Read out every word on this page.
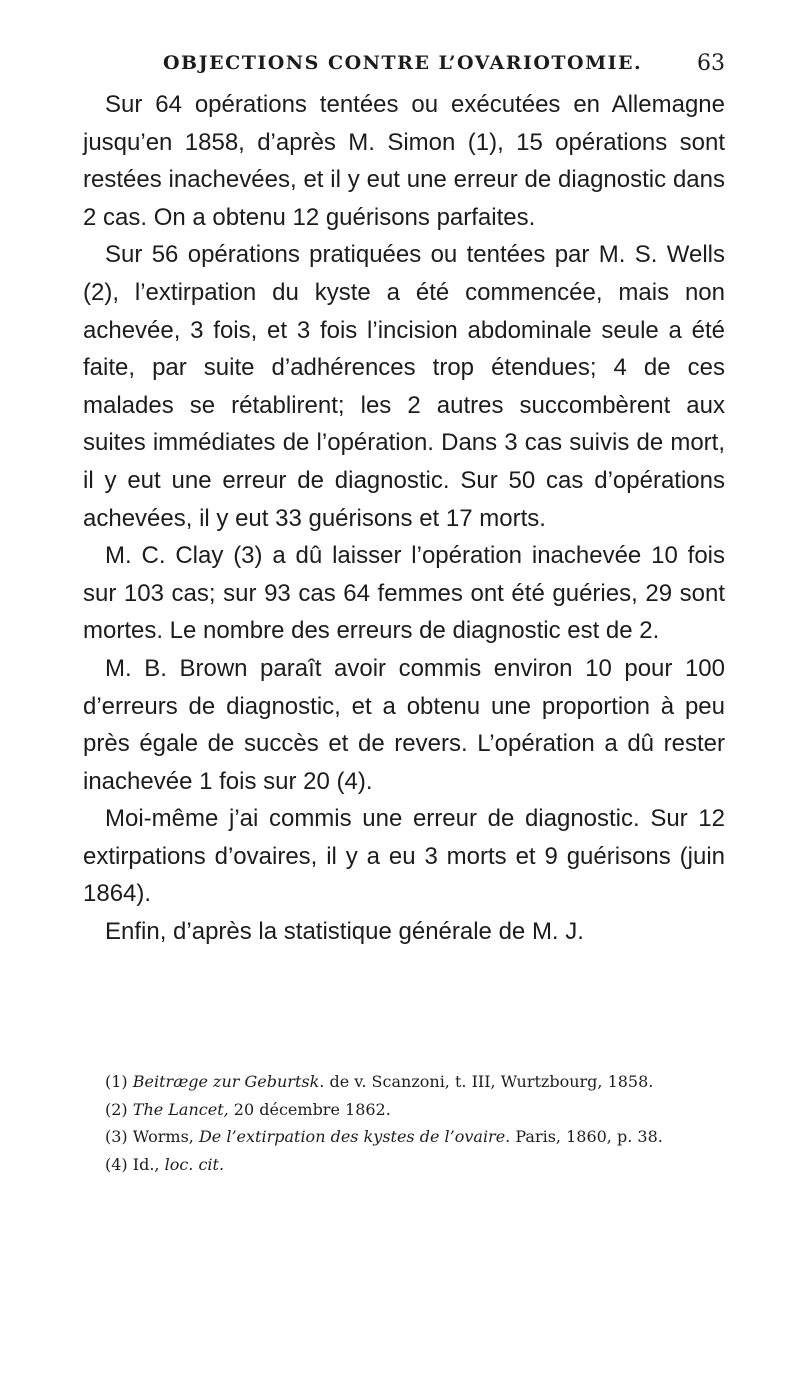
OBJECTIONS CONTRE L’OVARIOTOMIE. 63

Sur 64 opérations tentées ou exécutées en Allemagne jusqu’en 1858, d’après M. Simon (1), 15 opérations sont restées inachevées, et il y eut une erreur de diagnostic dans 2 cas. On a obtenu 12 guérisons parfaites.

Sur 56 opérations pratiquées ou tentées par M. S. Wells (2), l’extirpation du kyste a été commencée, mais non achevée, 3 fois, et 3 fois l’incision abdominale seule a été faite, par suite d’adhérences trop étendues; 4 de ces malades se rétablirent; les 2 autres succombèrent aux suites immédiates de l’opération. Dans 3 cas suivis de mort, il y eut une erreur de diagnostic. Sur 50 cas d’opérations achevées, il y eut 33 guérisons et 17 morts.

M. C. Clay (3) a dû laisser l’opération inachevée 10 fois sur 103 cas; sur 93 cas 64 femmes ont été guéries, 29 sont mortes. Le nombre des erreurs de diagnostic est de 2.

M. B. Brown paraît avoir commis environ 10 pour 100 d’erreurs de diagnostic, et a obtenu une proportion à peu près égale de succès et de revers. L’opération a dû rester inachevée 1 fois sur 20 (4).

Moi-même j’ai commis une erreur de diagnostic. Sur 12 extirpations d’ovaires, il y a eu 3 morts et 9 guérisons (juin 1864).

Enfin, d’après la statistique générale de M. J.

(1) Beitræge zur Geburtsk. de v. Scanzoni, t. III, Wurtzbourg, 1858.

(2) The Lancet, 20 décembre 1862.

(3) Worms, De l’extirpation des kystes de l’ovaire. Paris, 1860, p. 38.

(4) Id., loc. cit.
